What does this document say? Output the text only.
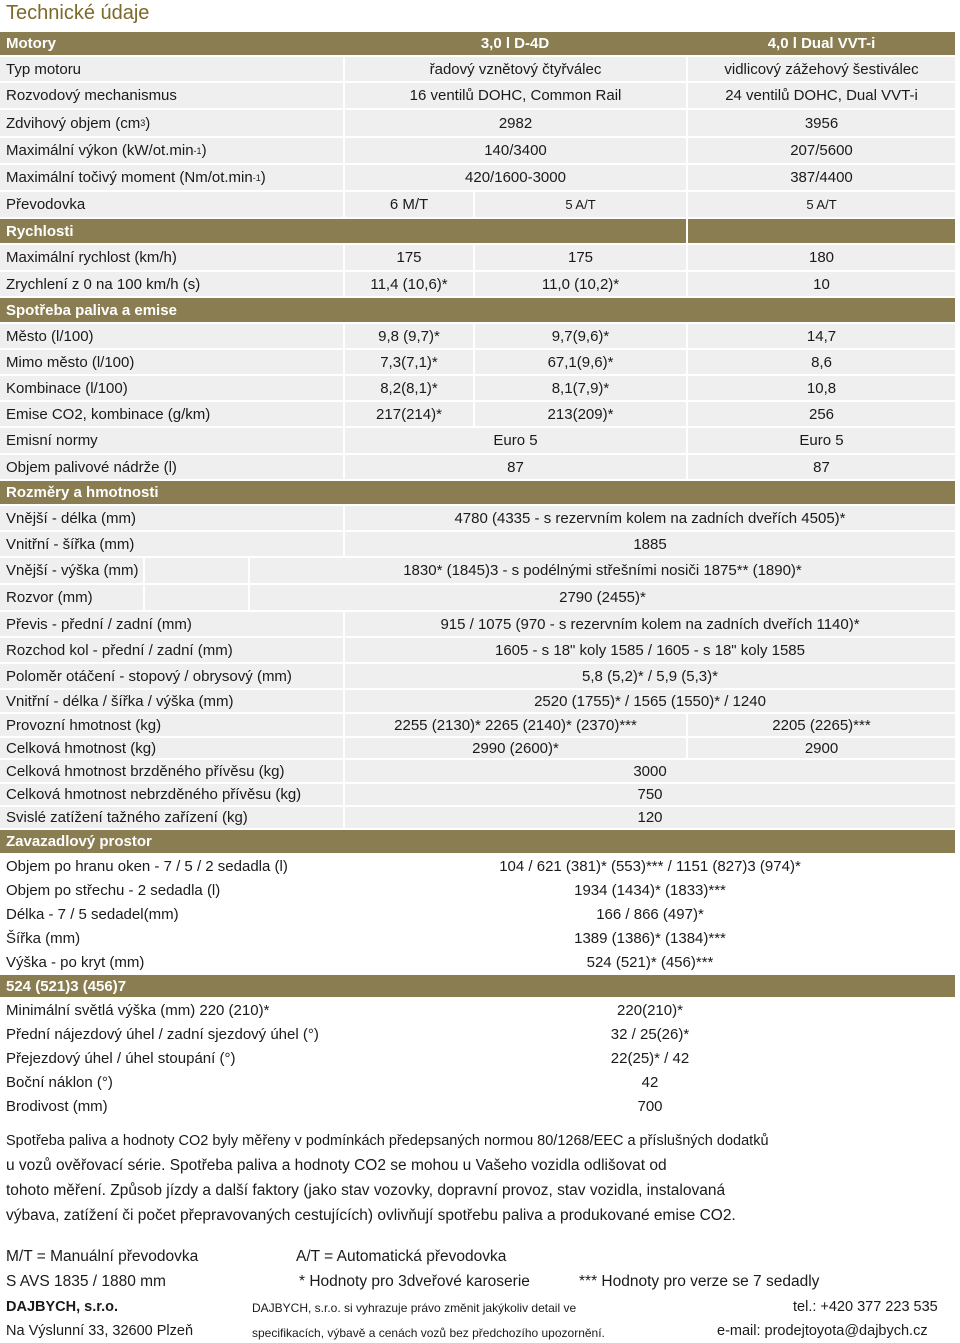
Technické údaje
Motory	3,0 l D-4D	4,0 l Dual VVT-i
Typ motoru	řadový vznětový čtyřválec	vidlicový zážehový šestiválec
Rozvodový mechanismus	16 ventilů DOHC, Common Rail	24 ventilů DOHC, Dual VVT-i
Zdvihový objem (cm 3 )	2982	3956
Maximální výkon (kW/ot.min -1 )	140/3400	207/5600
Maximální točivý moment (Nm/ot.min -1 )	420/1600-3000	387/4400
Převodovka	6 M/T	5 A/T	5 A/T
Rychlosti
Maximální rychlost (km/h)	175	175	180
Zrychlení z 0 na 100 km/h (s)	11,4 (10,6)*	11,0 (10,2)*	10
Spotřeba paliva a emise
Město (l/100)	9,8 (9,7)*	9,7(9,6)*	14,7
Mimo město (l/100)	7,3(7,1)*	67,1(9,6)*	8,6
Kombinace (l/100)	8,2(8,1)*	8,1(7,9)*	10,8
Emise CO2, kombinace (g/km)	217(214)*	213(209)*	256
Emisní normy	Euro 5	Euro 5
Objem palivové nádrže (l)	87	87
Rozměry a hmotnosti
Vnější - délka (mm)	4780 (4335 - s rezervním kolem na zadních dveřích 4505)*
Vnitřní - šířka (mm)	1885
Vnější - výška (mm)	1830* (1845)3 - s podélnými střešními nosiči 1875** (1890)*
Rozvor (mm)	2790 (2455)*
Převis - přední / zadní (mm)	915 / 1075 (970 - s rezervním kolem na zadních dveřích 1140)*
Rozchod kol - přední / zadní (mm)	1605 - s 18" koly 1585 / 1605 - s 18" koly 1585
Poloměr otáčení - stopový / obrysový (mm)	5,8 (5,2)* / 5,9 (5,3)*
Vnitřní - délka / šířka / výška (mm)	2520 (1755)* / 1565 (1550)* / 1240
Provozní hmotnost (kg)	2255 (2130)* 2265 (2140)* (2370)***	2205 (2265)***
Celková hmotnost (kg)	2990 (2600)*	2900
Celková hmotnost brzděného přívěsu (kg)	3000
Celková hmotnost nebrzděného přívěsu (kg)	750
Svislé zatížení tažného zařízení (kg)	120
Zavazadlový prostor
Objem po hranu oken - 7 / 5 / 2 sedadla (l)	104 / 621 (381)* (553)*** / 1151 (827)3 (974)*
Objem po střechu - 2 sedadla (l)	1934 (1434)* (1833)***
Délka - 7 / 5 sedadel(mm)	166 / 866 (497)*
Šířka (mm)	1389 (1386)* (1384)***
Výška - po kryt (mm)	524 (521)* (456)***
524 (521)3 (456)7
Minimální světlá výška (mm) 220 (210)*	220(210)*
Přední nájezdový úhel / zadní sjezdový úhel (°)	32 / 25(26)*
Přejezdový úhel / úhel stoupání (°)	22(25)* / 42
Boční náklon (°)	42
Brodivost (mm)	700
Spotřeba paliva a hodnoty CO2 byly měřeny v podmínkách předepsaných normou 80/1268/EEC a příslušných dodatků
u vozů ověřovací série. Spotřeba paliva a hodnoty CO2 se mohou u Vašeho vozidla odlišovat od
tohoto měření. Způsob jízdy a další faktory (jako stav vozovky, dopravní provoz, stav vozidla, instalovaná
výbava, zatížení či počet přepravovaných cestujících) ovlivňují spotřebu paliva a produkované emise CO2.
M/T = Manuální převodovka	A/T = Automatická převodovka
S AVS 1835 / 1880 mm	* Hodnoty pro 3dveřové karoserie	*** Hodnoty pro verze se 7 sedadly
DAJBYCH, s.r.o.	DAJBYCH, s.r.o. si vyhrazuje právo změnit jakýkoliv detail ve	tel.: +420 377 223 535
Na Výslunní 33, 32600 Plzeň	specifikacích, výbavě a cenách vozů bez předchozího upozornění.	e-mail: prodejtoyota@dajbych.cz
